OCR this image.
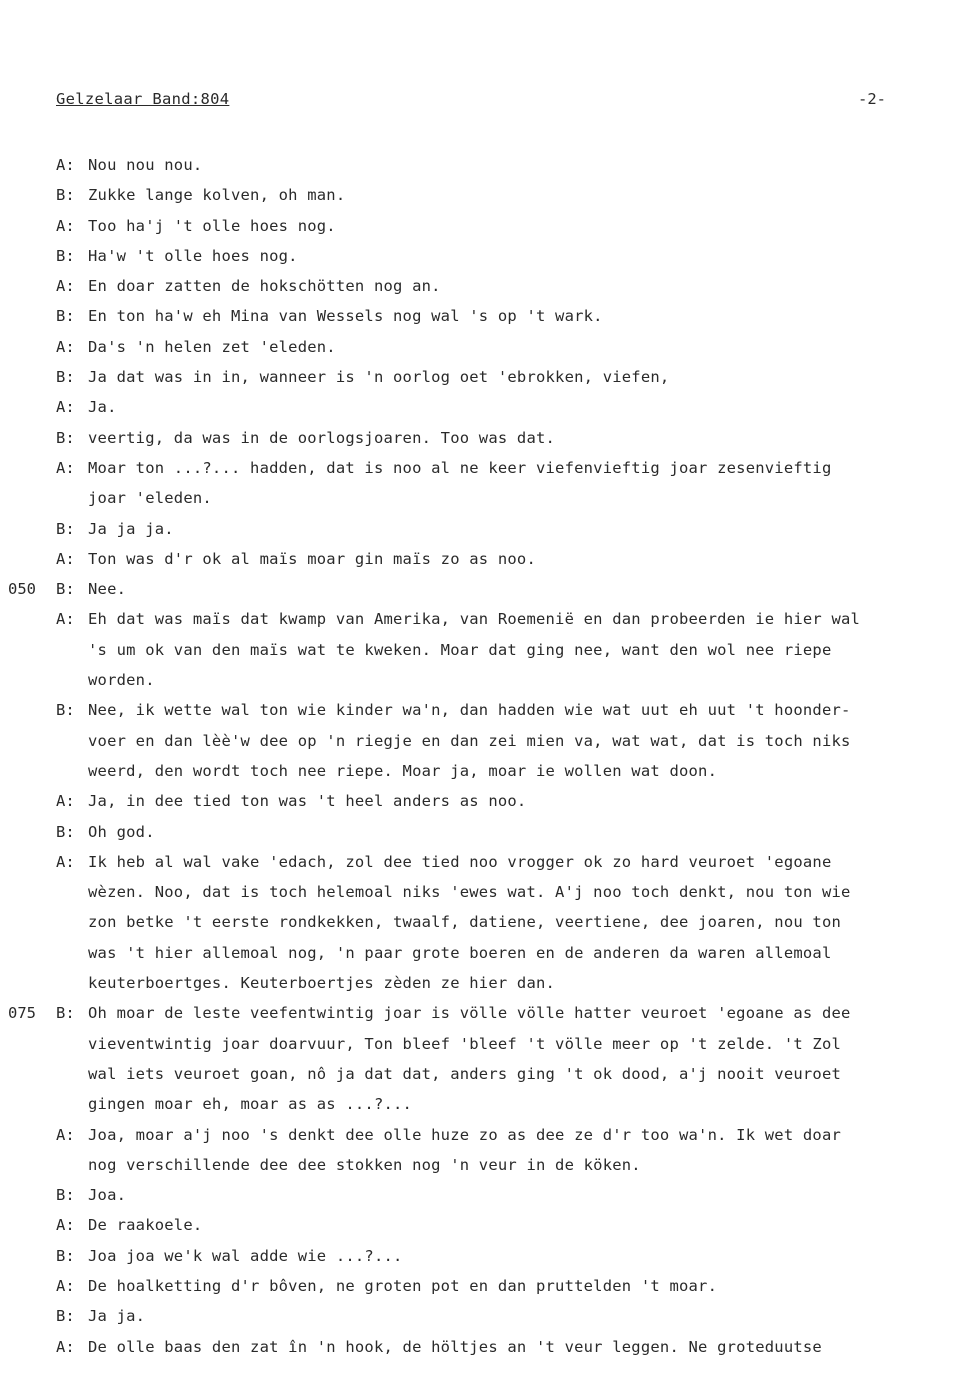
Gelzelaar Band:804	-2-
A: Nou nou nou.
B: Zukke lange kolven, oh man.
A: Too ha'j 't olle hoes nog.
B: Ha'w 't olle hoes nog.
A: En doar zatten de hokschötten nog an.
B: En ton ha'w eh Mina van Wessels nog wal 's op 't wark.
A: Da's 'n helen zet 'eleden.
B: Ja dat was in in, wanneer is 'n oorlog oet 'ebrokken, viefen,
A: Ja.
B: veertig, da was in de oorlogsjoaren. Too was dat.
A: Moar ton ...?... hadden, dat is noo al ne keer viefenvieftig joar zesenvieftig
joar 'eleden.
B: Ja ja ja.
A: Ton was d'r ok al maïs moar gin maïs zo as noo.
050 B: Nee.
A: Eh dat was maïs dat kwamp van Amerika, van Roemenië en dan probeerden ie hier wal
's um ok van den maïs wat te kweken. Moar dat ging nee, want den wol nee riepe
worden.
B: Nee, ik wette wal ton wie kinder wa'n, dan hadden wie wat uut eh uut 't hoonder-
voer en dan lèè'w dee op 'n riegje en dan zei mien va, wat wat, dat is toch niks
weerd, den wordt toch nee riepe. Moar ja, moar ie wollen wat doon.
A: Ja, in dee tied ton was 't heel anders as noo.
B: Oh god.
A: Ik heb al wal vake 'edach, zol dee tied noo vrogger ok zo hard veuroet 'egoane
wèzen. Noo, dat is toch helemoal niks 'ewes wat. A'j noo toch denkt, nou ton wie
zon betke 't eerste rondkekken, twaalf, datiene, veertiene, dee joaren, nou ton
was 't hier allemoal nog, 'n paar grote boeren en de anderen da waren allemoal
keuterboertges. Keuterboertjes zèden ze hier dan.
075 B: Oh moar de leste veefentwintig joar is völle völle hatter veuroet 'egoane as dee
vieventwintig joar doarvuur, Ton bleef 'bleef 't völle meer op 't zelde. 't Zol
wal iets veuroet goan, nô ja dat dat, anders ging 't ok dood, a'j nooit veuroet
gingen moar eh, moar as as ...?...
A: Joa, moar a'j noo 's denkt dee olle huze zo as dee ze d'r too wa'n. Ik wet doar
nog verschillende dee dee stokken nog 'n veur in de köken.
B: Joa.
A: De raakoele.
B: Joa joa we'k wal adde wie ...?...
A: De hoalketting d'r bôven, ne groten pot en dan pruttelden 't moar.
B: Ja ja.
A: De olle baas den zat în 'n hook, de höltjes an 't veur leggen. Ne groteduutse
